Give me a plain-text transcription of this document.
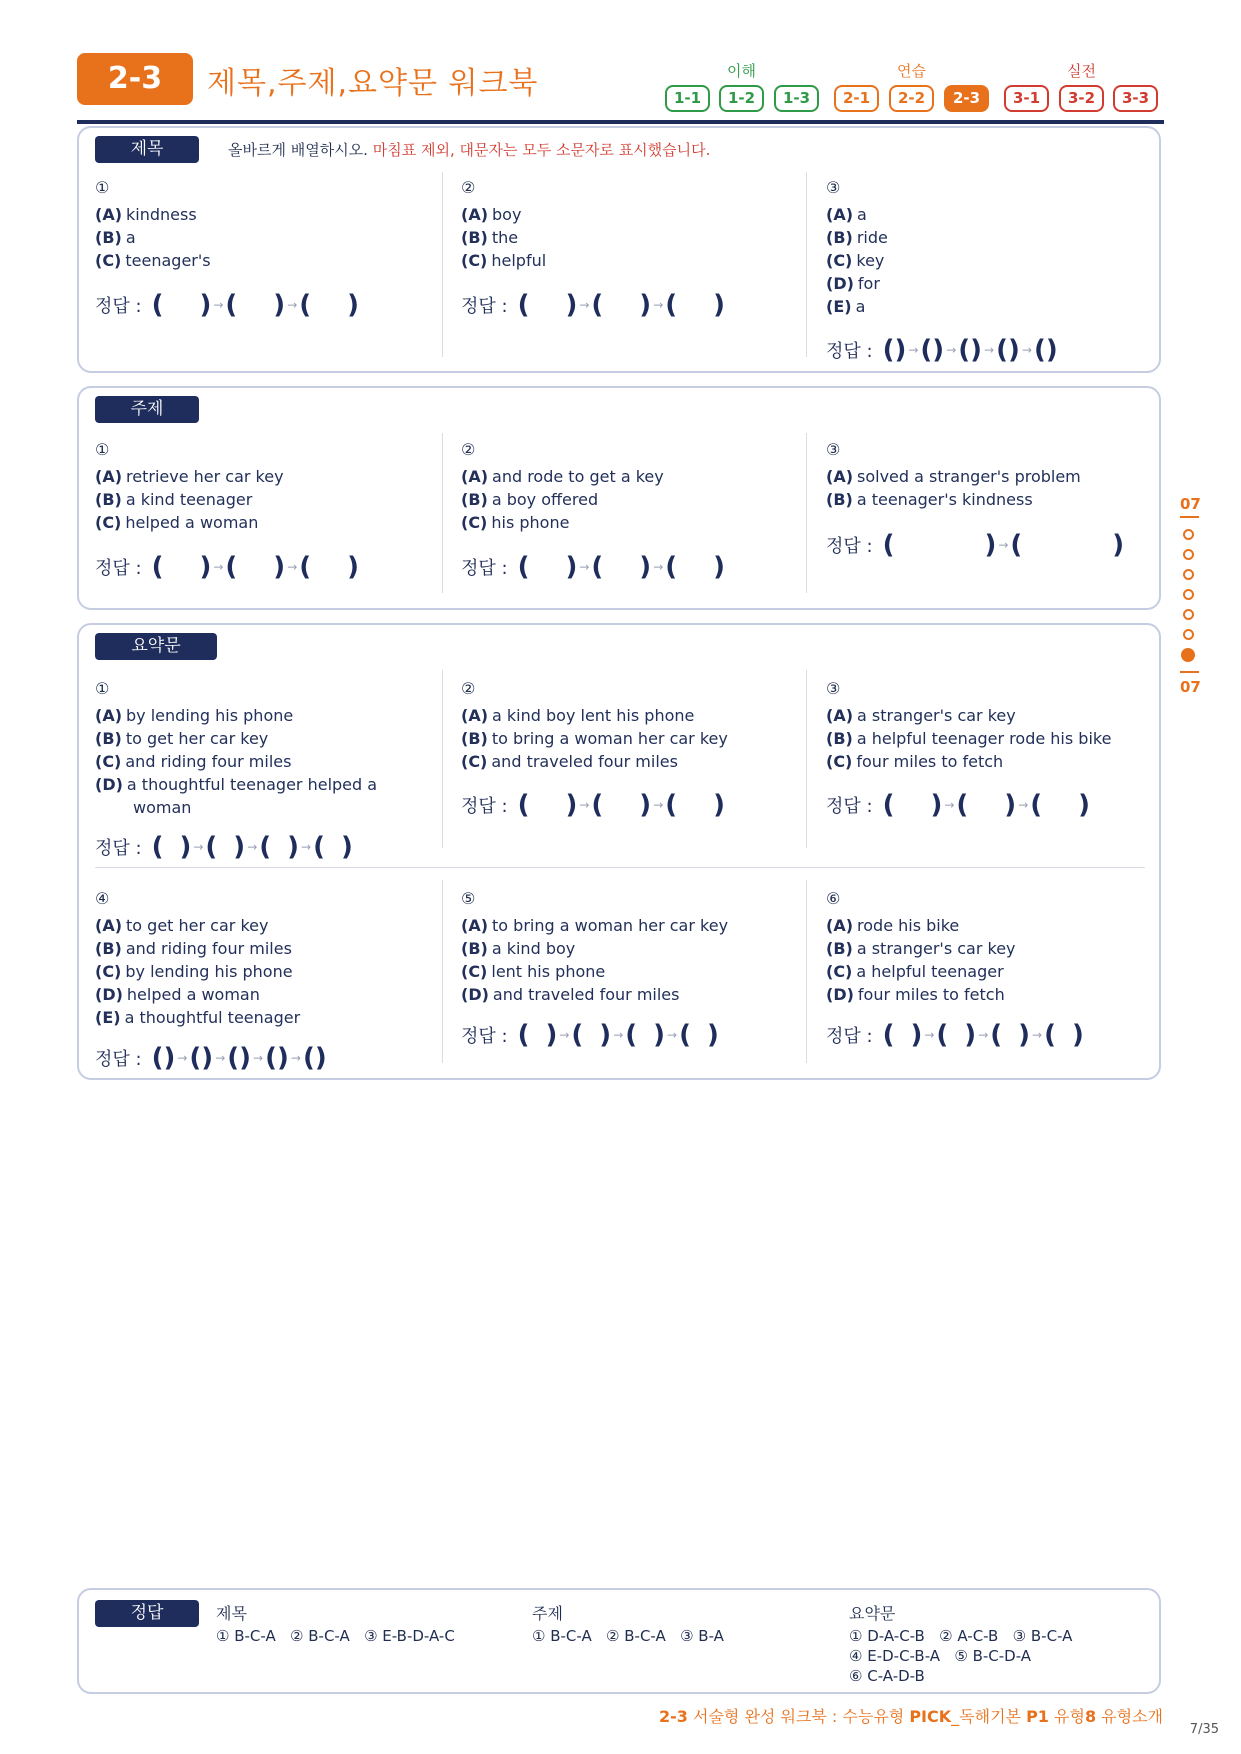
2-3	제목,주제,요약문 워크북	이해	연습	실전
1-1	1-2	1-3	2-1	2-2	2-3	3-1	3-2	3-3
제목	올바르게 배열하시오. 마침표 제외, 대문자는 모두 소문자로 표시했습니다.
주제
요약문
①
(A) kindness
(B) a
(C) teenager's
정답 : ( ) → ( ) → ( )
②
(A) boy
(B) the
(C) helpful
정답 : ( ) → ( ) → ( )
③
(A) a
(B) ride
(C) key
(D) for
(E) a
정답 : ( ) → ( ) → ( ) → ( ) → ( )
①
(A) retrieve her car key
(B) a kind teenager
(C) helped a woman
정답 : ( ) → ( ) → ( )
②
(A) and rode to get a key
(B) a boy offered
(C) his phone
정답 : ( ) → ( ) → ( )
③
(A) solved a stranger's problem
(B) a teenager's kindness
정답 : (	) → (	)
①
(A) by lending his phone
(B) to get her car key
(C) and riding four miles
(D) a thoughtful teenager helped a
woman
정답 : ( ) → ( ) → ( ) → ( )
②
(A) a kind boy lent his phone
(B) to bring a woman her car key
(C) and traveled four miles
정답 : ( ) → ( ) → ( )
③
(A) a stranger's car key
(B) a helpful teenager rode his bike
(C) four miles to fetch
정답 : ( ) → ( ) → ( )
④
(A) to get her car key
(B) and riding four miles
(C) by lending his phone
(D) helped a woman
(E) a thoughtful teenager
정답 : ( ) → ( ) → ( ) → ( ) → ( )
⑤
(A) to bring a woman her car key
(B) a kind boy
(C) lent his phone
(D) and traveled four miles
정답 : ( ) → ( ) → ( ) → ( )
⑥
(A) rode his bike
(B) a stranger's car key
(C) a helpful teenager
(D) four miles to fetch
정답 : ( ) → ( ) → ( ) → ( )
07
07
정답	제목
① B-C-A   ② B-C-A   ③ E-B-D-A-C
주제
① B-C-A   ② B-C-A   ③ B-A
요약문
① D-A-C-B   ② A-C-B   ③ B-C-A
④ E-D-C-B-A   ⑤ B-C-D-A
⑥ C-A-D-B
2-3 서술형 완성 워크북 : 수능유형 PICK_독해기본 P1 유형8 유형소개
7/35
